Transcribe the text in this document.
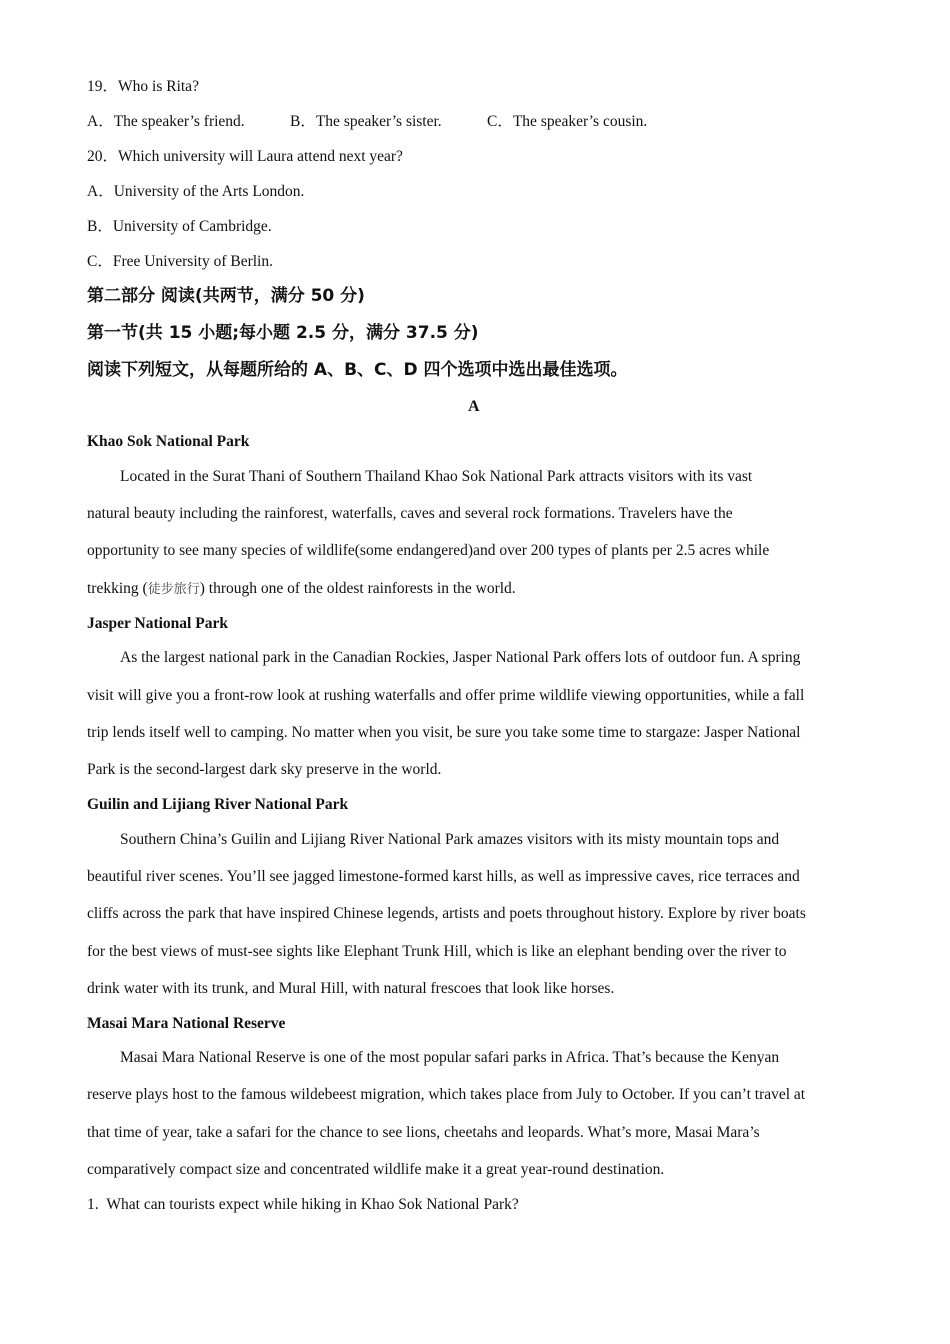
19．Who is Rita?
A．The speaker’s friend.	B．The speaker’s sister.	C．The speaker’s cousin.
20．Which university will Laura attend next year?
A．University of the Arts London.
B．University of Cambridge.
C．Free University of Berlin.
第二部分 阅读(共两节，满分 50 分)
第一节(共 15 小题;每小题 2.5 分，满分 37.5 分)
阅读下列短文，从每题所给的 A、B、C、D 四个选项中选出最佳选项。
A
Khao Sok National Park
Located in the Surat Thani of Southern Thailand Khao Sok National Park attracts visitors with its vast
natural beauty including the rainforest, waterfalls, caves and several rock formations. Travelers have the
opportunity to see many species of wildlife(some endangered)and over 200 types of plants per 2.5 acres while
trekking (徒步旅行) through one of the oldest rainforests in the world.
Jasper National Park
As the largest national park in the Canadian Rockies, Jasper National Park offers lots of outdoor fun. A spring
visit will give you a front-row look at rushing waterfalls and offer prime wildlife viewing opportunities, while a fall
trip lends itself well to camping. No matter when you visit, be sure you take some time to stargaze: Jasper National
Park is the second-largest dark sky preserve in the world.
Guilin and Lijiang River National Park
Southern China’s Guilin and Lijiang River National Park amazes visitors with its misty mountain tops and
beautiful river scenes. You’ll see jagged limestone-formed karst hills, as well as impressive caves, rice terraces and
cliffs across the park that have inspired Chinese legends, artists and poets throughout history. Explore by river boats
for the best views of must-see sights like Elephant Trunk Hill, which is like an elephant bending over the river to
drink water with its trunk, and Mural Hill, with natural frescoes that look like horses.
Masai Mara National Reserve
Masai Mara National Reserve is one of the most popular safari parks in Africa. That’s because the Kenyan
reserve plays host to the famous wildebeest migration, which takes place from July to October. If you can’t travel at
that time of year, take a safari for the chance to see lions, cheetahs and leopards. What’s more, Masai Mara’s
comparatively compact size and concentrated wildlife make it a great year-round destination.
1. What can tourists expect while hiking in Khao Sok National Park?
